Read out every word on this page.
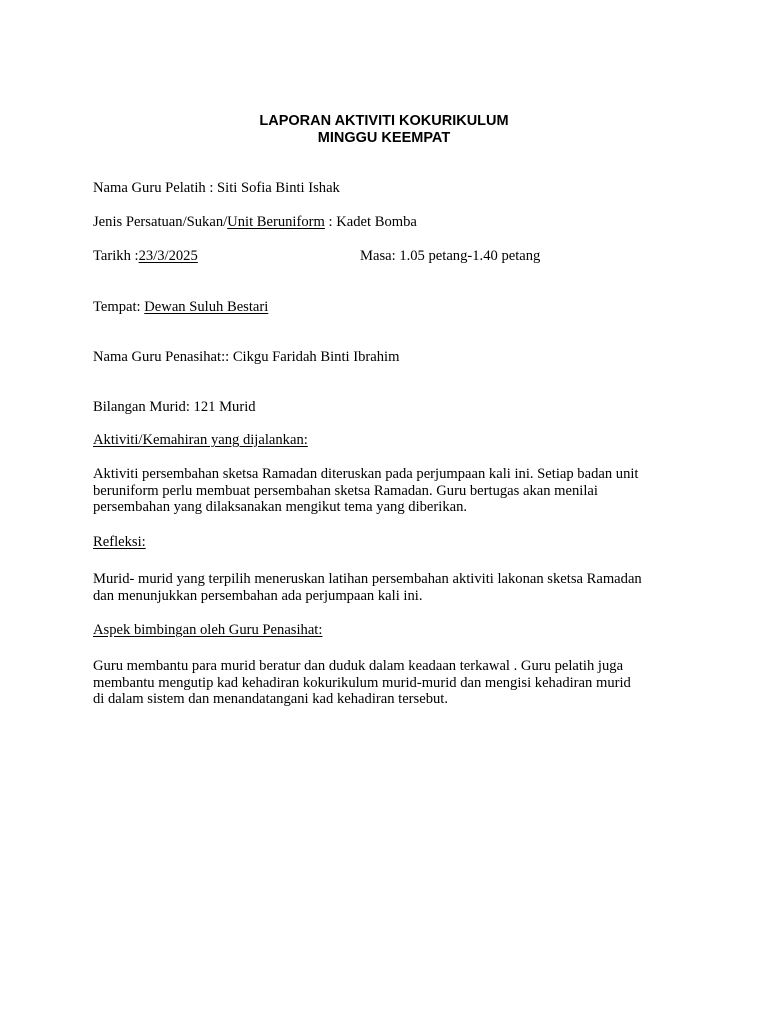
LAPORAN AKTIVITI KOKURIKULUM
MINGGU KEEMPAT
Nama Guru Pelatih : Siti Sofia Binti Ishak
Jenis Persatuan/Sukan/Unit Beruniform : Kadet Bomba
Tarikh :23/3/2025	Masa: 1.05 petang-1.40 petang
Tempat: Dewan Suluh Bestari
Nama Guru Penasihat:: Cikgu Faridah Binti Ibrahim
Bilangan Murid: 121 Murid
Aktiviti/Kemahiran yang dijalankan:
Aktiviti persembahan sketsa Ramadan diteruskan pada perjumpaan kali ini. Setiap badan unit
beruniform perlu membuat persembahan sketsa Ramadan. Guru bertugas akan menilai
persembahan yang dilaksanakan mengikut tema yang diberikan.
Refleksi:
Murid- murid yang terpilih meneruskan latihan persembahan aktiviti lakonan sketsa Ramadan
dan menunjukkan persembahan ada perjumpaan kali ini.
Aspek bimbingan oleh Guru Penasihat:
Guru membantu para murid beratur dan duduk dalam keadaan terkawal . Guru pelatih juga
membantu mengutip kad kehadiran kokurikulum murid-murid dan mengisi kehadiran murid
di dalam sistem dan menandatangani kad kehadiran tersebut.
